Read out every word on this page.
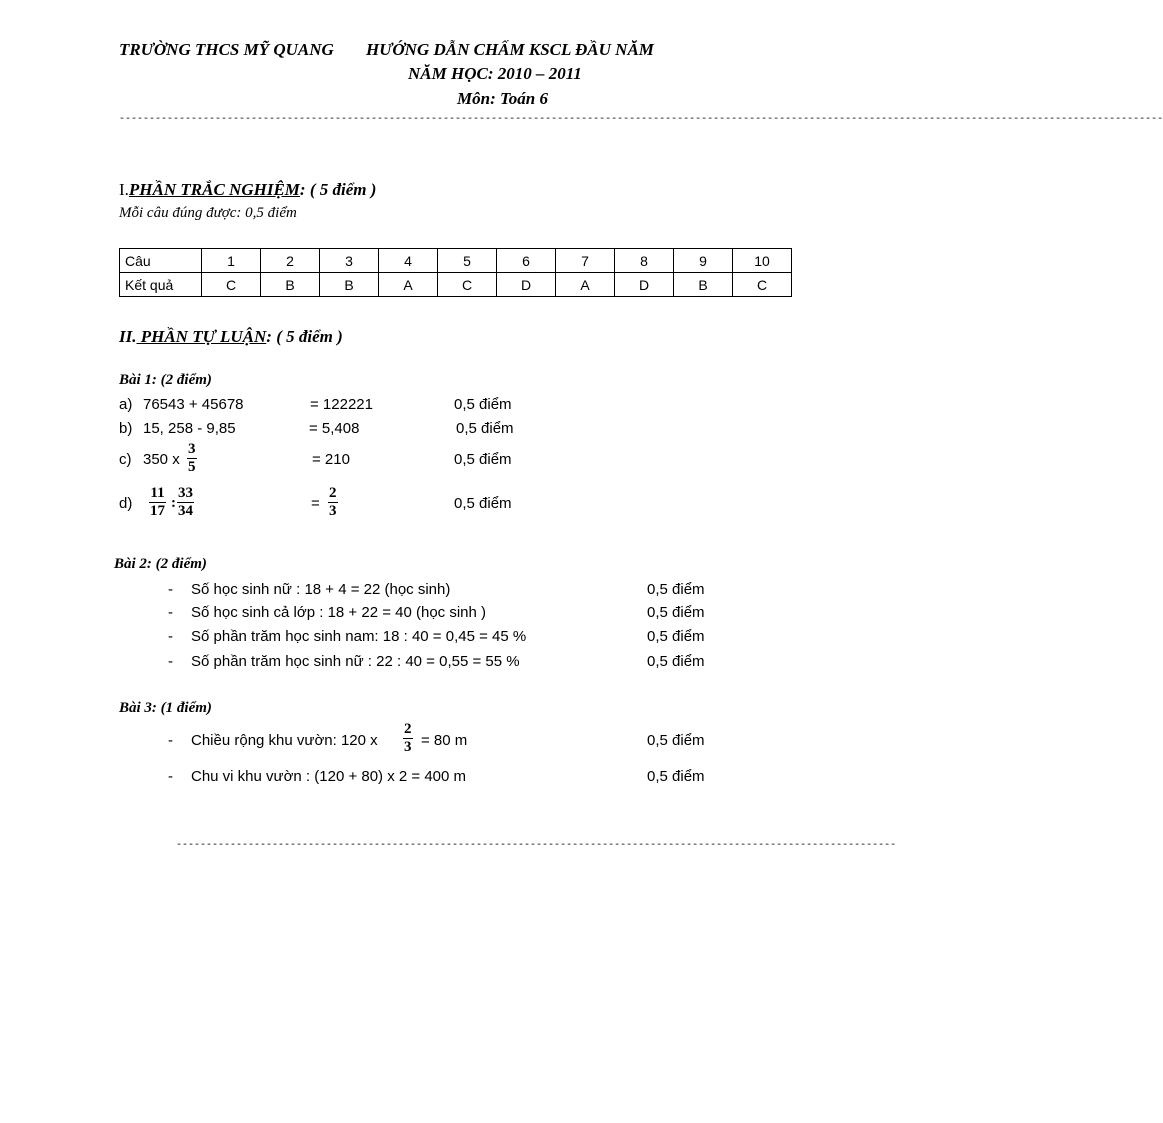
TRƯỜNG THCS MỸ QUANG HƯỚNG DẪN CHẤM KSCL ĐẦU NĂM
NĂM HỌC: 2010 – 2011
Môn: Toán 6
------------------------------------------------------------------------------------------------------------------------------------------------------------------------------
I.PHẦN TRẮC NGHIỆM: ( 5 điểm )
Mỗi câu đúng được: 0,5 điểm
Câu	1	2	3	4	5	6	7	8	9	10
Kết quả	C	B	B	A	C	D	A	D	B	C
II. PHẦN TỰ LUẬN: ( 5 điểm )
Bài 1: (2 điểm)
a) 76543 + 45678	= 122221	0,5 điểm
b) 15, 258 - 9,85	= 5,408	0,5 điểm
c) 350 x $\frac{3}{5}$	= 210	0,5 điểm
$d) \frac{11}{17}$ : $\frac{33}{34}$	= $\frac{2}{3}$	0,5 điểm
Bài 2: (2 điểm)
- Số học sinh nữ : 18 + 4 = 22 (học sinh)	0,5 điểm
- Số học sinh cả lớp : 18 + 22 = 40 (học sinh )	0,5 điểm
- Số phần trăm học sinh nam: 18 : 40 = 0,45 = 45 %	0,5 điểm
- Số phần trăm học sinh nữ : 22 : 40 = 0,55 = 55 %	0,5 điểm
Bài 3: (1 điểm)
- Chiều rộng khu vườn: 120 x $\frac{2}{3} = 80$ m	0,5 điểm
- Chu vi khu vườn : (120 + 80) x 2 = 400 m	0,5 điểm
------------------------------------------------------------------------------------------------------------------------
